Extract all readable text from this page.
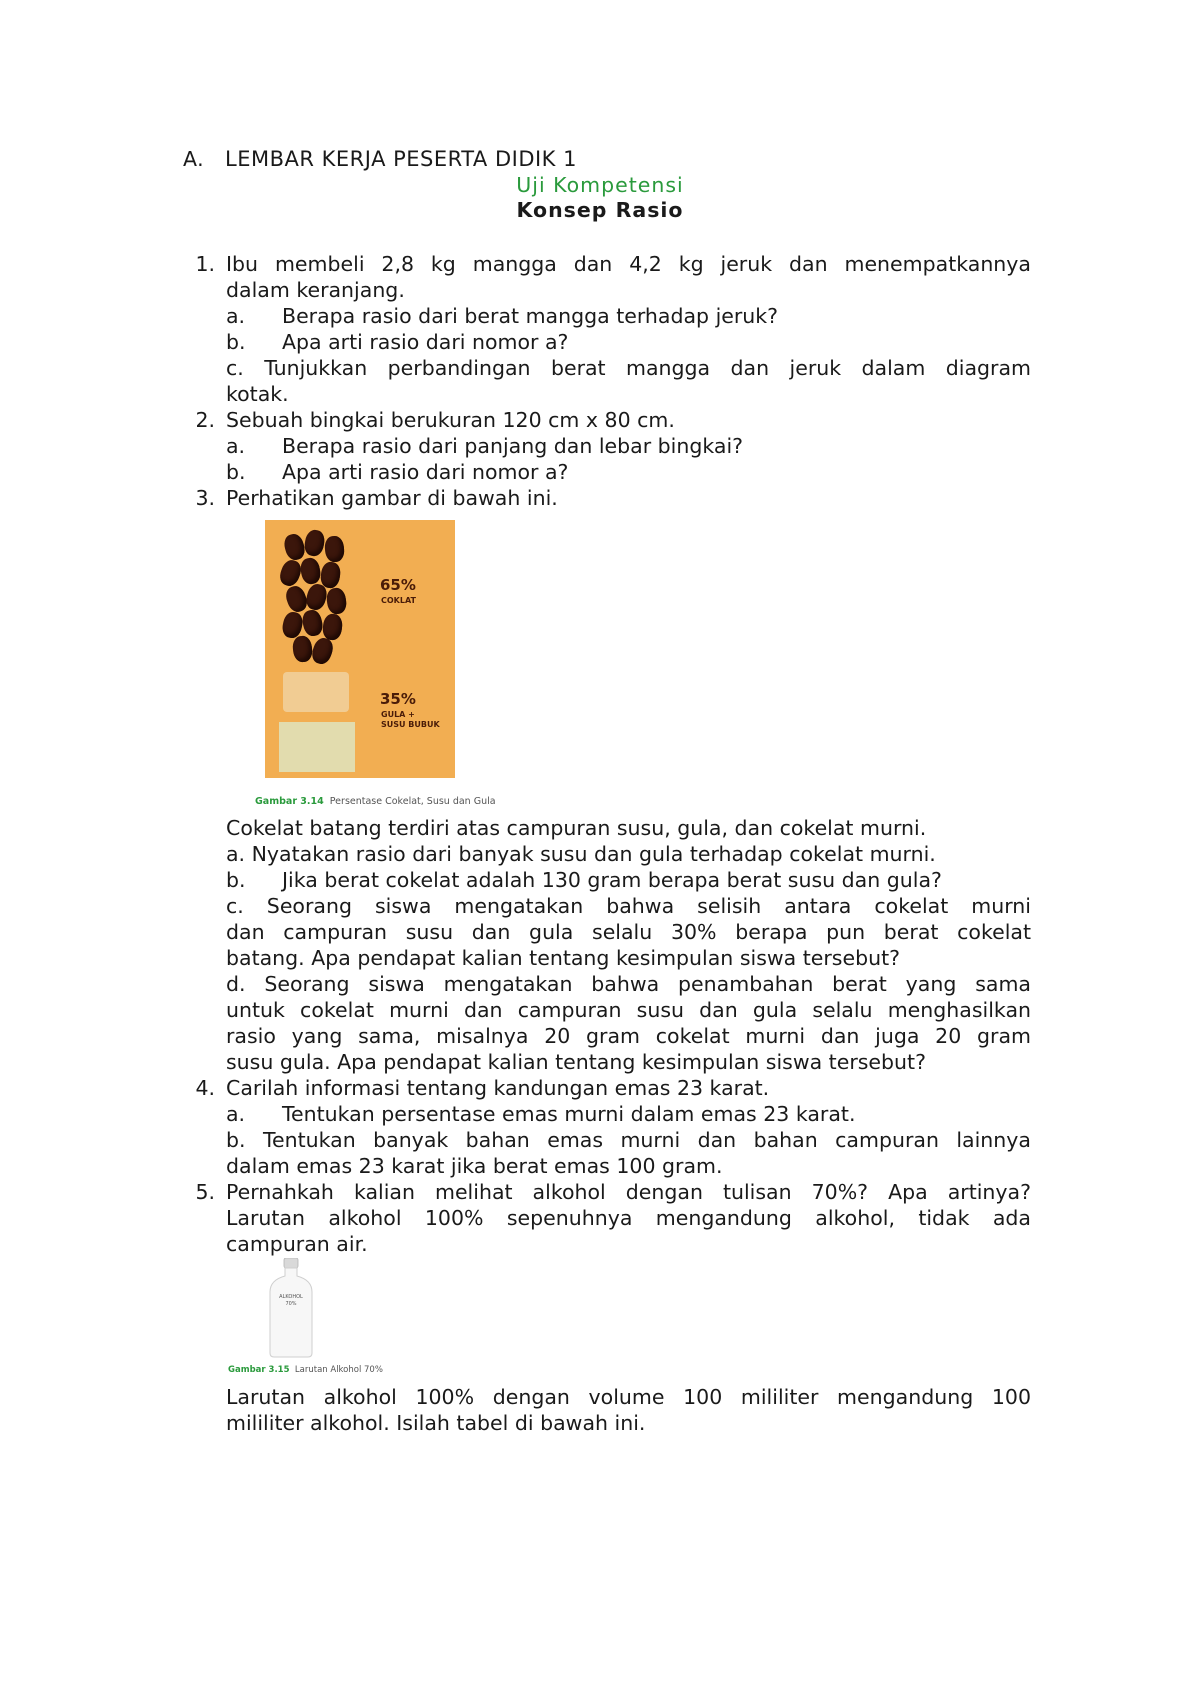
A. LEMBAR KERJA PESERTA DIDIK 1
Uji Kompetensi
Konsep Rasio
1. Ibu membeli 2,8 kg mangga dan 4,2 kg jeruk dan menempatkannya
dalam keranjang.
a. Berapa rasio dari berat mangga terhadap jeruk?
b. Apa arti rasio dari nomor a?
c. Tunjukkan perbandingan berat mangga dan jeruk dalam diagram
kotak.
2. Sebuah bingkai berukuran 120 cm x 80 cm.
a. Berapa rasio dari panjang dan lebar bingkai?
b. Apa arti rasio dari nomor a?
3. Perhatikan gambar di bawah ini.
65%
COKLAT
35%
GULA +
SUSU BUBUK
Gambar 3.14 Persentase Cokelat, Susu dan Gula
Cokelat batang terdiri atas campuran susu, gula, dan cokelat murni.
a. Nyatakan rasio dari banyak susu dan gula terhadap cokelat murni.
b. Jika berat cokelat adalah 130 gram berapa berat susu dan gula?
c. Seorang siswa mengatakan bahwa selisih antara cokelat murni
dan campuran susu dan gula selalu 30% berapa pun berat cokelat
batang. Apa pendapat kalian tentang kesimpulan siswa tersebut?
d. Seorang siswa mengatakan bahwa penambahan berat yang sama
untuk cokelat murni dan campuran susu dan gula selalu menghasilkan
rasio yang sama, misalnya 20 gram cokelat murni dan juga 20 gram
susu gula. Apa pendapat kalian tentang kesimpulan siswa tersebut?
4. Carilah informasi tentang kandungan emas 23 karat.
a. Tentukan persentase emas murni dalam emas 23 karat.
b. Tentukan banyak bahan emas murni dan bahan campuran lainnya
dalam emas 23 karat jika berat emas 100 gram.
5. Pernahkah kalian melihat alkohol dengan tulisan 70%? Apa artinya?
Larutan alkohol 100% sepenuhnya mengandung alkohol, tidak ada
campuran air.
ALKOHOL
70%
Gambar 3.15 Larutan Alkohol 70%
Larutan alkohol 100% dengan volume 100 mililiter mengandung 100
mililiter alkohol. Isilah tabel di bawah ini.
